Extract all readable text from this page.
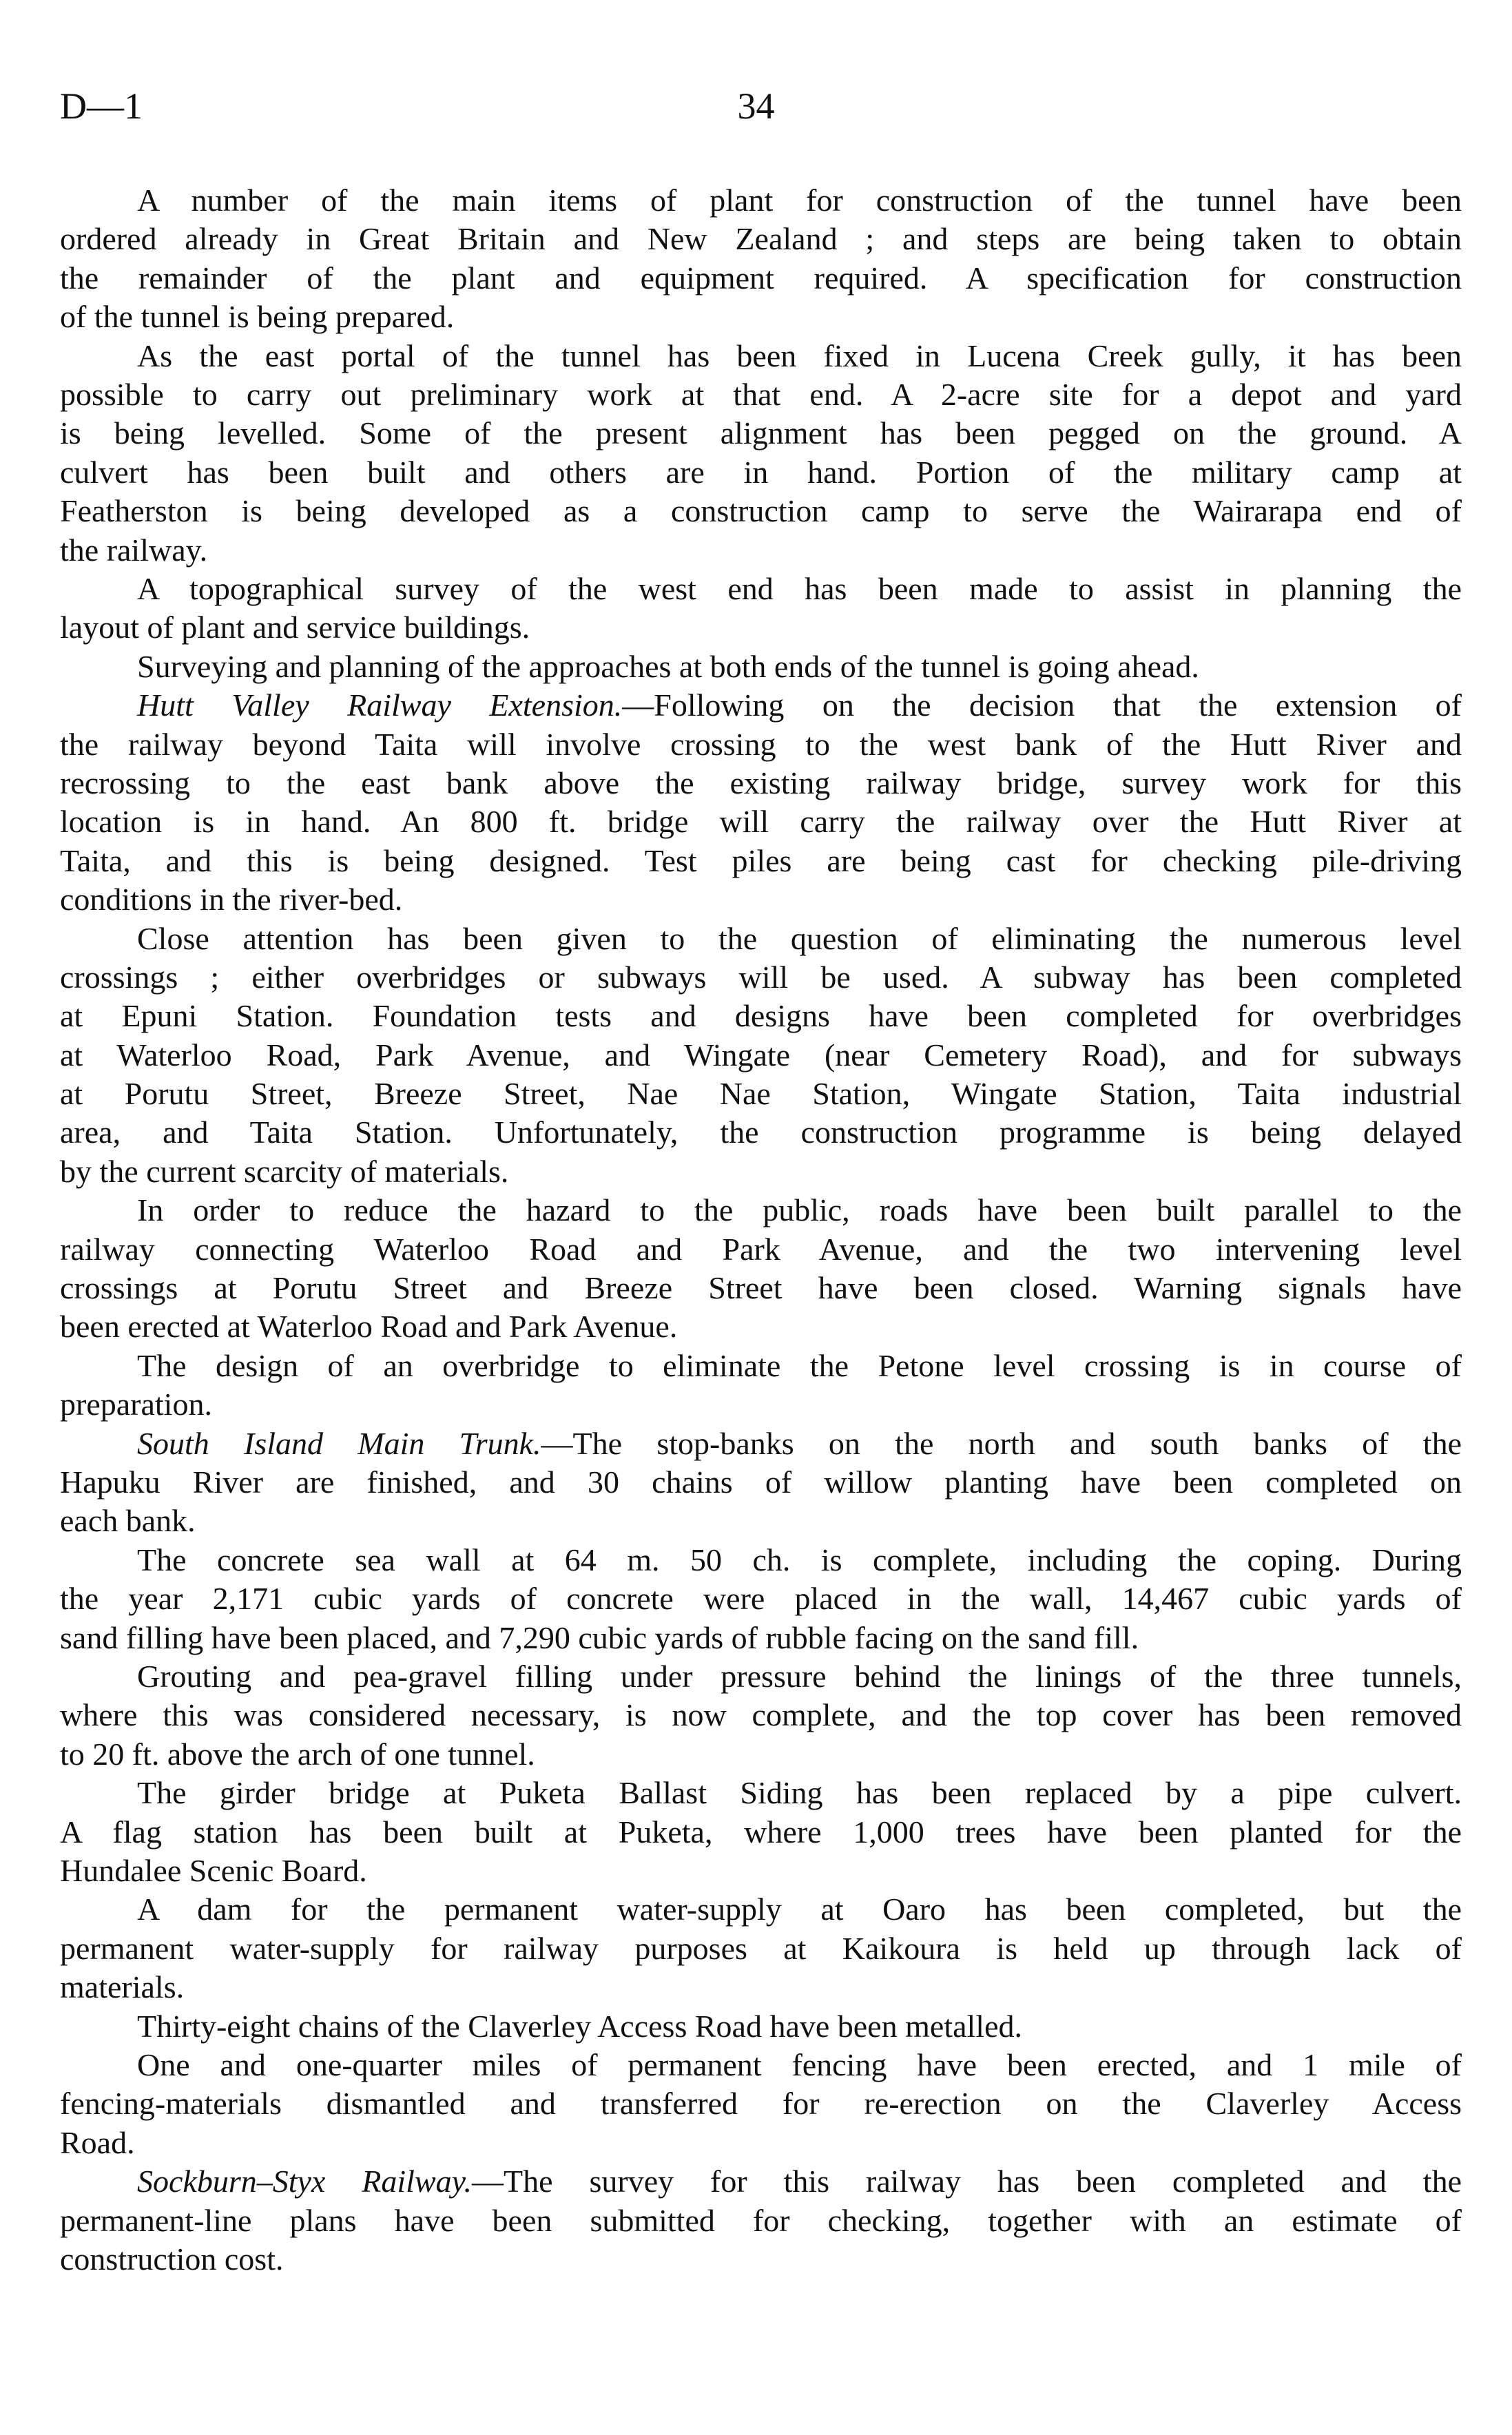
D—1	34
A number of the main items of plant for construction of the tunnel have been
ordered already in Great Britain and New Zealand ; and steps are being taken to obtain
the remainder of the plant and equipment required. A specification for construction
of the tunnel is being prepared.
As the east portal of the tunnel has been fixed in Lucena Creek gully, it has been
possible to carry out preliminary work at that end. A 2-acre site for a depot and yard
is being levelled. Some of the present alignment has been pegged on the ground. A
culvert has been built and others are in hand. Portion of the military camp at
Featherston is being developed as a construction camp to serve the Wairarapa end of
the railway.
A topographical survey of the west end has been made to assist in planning the
layout of plant and service buildings.
Surveying and planning of the approaches at both ends of the tunnel is going ahead.
Hutt Valley Railway Extension.—Following on the decision that the extension of
the railway beyond Taita will involve crossing to the west bank of the Hutt River and
recrossing to the east bank above the existing railway bridge, survey work for this
location is in hand. An 800 ft. bridge will carry the railway over the Hutt River at
Taita, and this is being designed. Test piles are being cast for checking pile-driving
conditions in the river-bed.
Close attention has been given to the question of eliminating the numerous level
crossings ; either overbridges or subways will be used. A subway has been completed
at Epuni Station. Foundation tests and designs have been completed for overbridges
at Waterloo Road, Park Avenue, and Wingate (near Cemetery Road), and for subways
at Porutu Street, Breeze Street, Nae Nae Station, Wingate Station, Taita industrial
area, and Taita Station. Unfortunately, the construction programme is being delayed
by the current scarcity of materials.
In order to reduce the hazard to the public, roads have been built parallel to the
railway connecting Waterloo Road and Park Avenue, and the two intervening level
crossings at Porutu Street and Breeze Street have been closed. Warning signals have
been erected at Waterloo Road and Park Avenue.
The design of an overbridge to eliminate the Petone level crossing is in course of
preparation.
South Island Main Trunk.—The stop-banks on the north and south banks of the
Hapuku River are finished, and 30 chains of willow planting have been completed on
each bank.
The concrete sea wall at 64 m. 50 ch. is complete, including the coping. During
the year 2,171 cubic yards of concrete were placed in the wall, 14,467 cubic yards of
sand filling have been placed, and 7,290 cubic yards of rubble facing on the sand fill.
Grouting and pea-gravel filling under pressure behind the linings of the three tunnels,
where this was considered necessary, is now complete, and the top cover has been removed
to 20 ft. above the arch of one tunnel.
The girder bridge at Puketa Ballast Siding has been replaced by a pipe culvert.
A flag station has been built at Puketa, where 1,000 trees have been planted for the
Hundalee Scenic Board.
A dam for the permanent water-supply at Oaro has been completed, but the
permanent water-supply for railway purposes at Kaikoura is held up through lack of
materials.
Thirty-eight chains of the Claverley Access Road have been metalled.
One and one-quarter miles of permanent fencing have been erected, and 1 mile of
fencing-materials dismantled and transferred for re-erection on the Claverley Access
Road.
Sockburn–Styx Railway.—The survey for this railway has been completed and the
permanent-line plans have been submitted for checking, together with an estimate of
construction cost.
